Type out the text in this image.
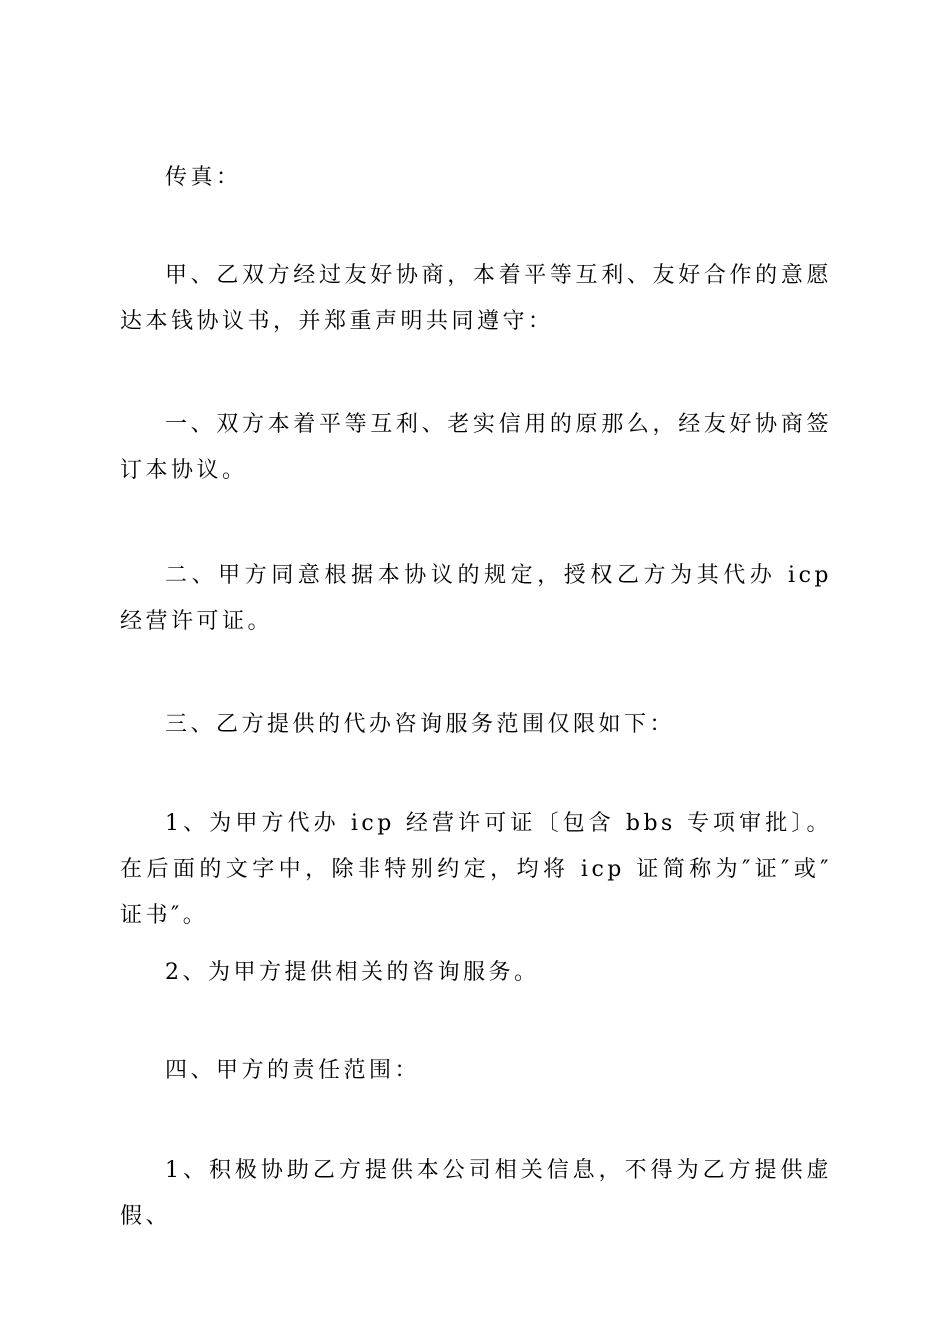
传真：

甲、乙双方经过友好协商，本着平等互利、友好合作的意愿达本钱协议书，并郑重声明共同遵守：

一、双方本着平等互利、老实信用的原那么，经友好协商签订本协议。

二、甲方同意根据本协议的规定，授权乙方为其代办 icp 经营许可证。

三、乙方提供的代办咨询服务范围仅限如下：

1、为甲方代办 icp 经营许可证〔包含 bbs 专项审批〕。在后面的文字中，除非特别约定，均将 icp 证简称为″证″或″证书″。

2、为甲方提供相关的咨询服务。

四、甲方的责任范围：

1、积极协助乙方提供本公司相关信息，不得为乙方提供虚假、
